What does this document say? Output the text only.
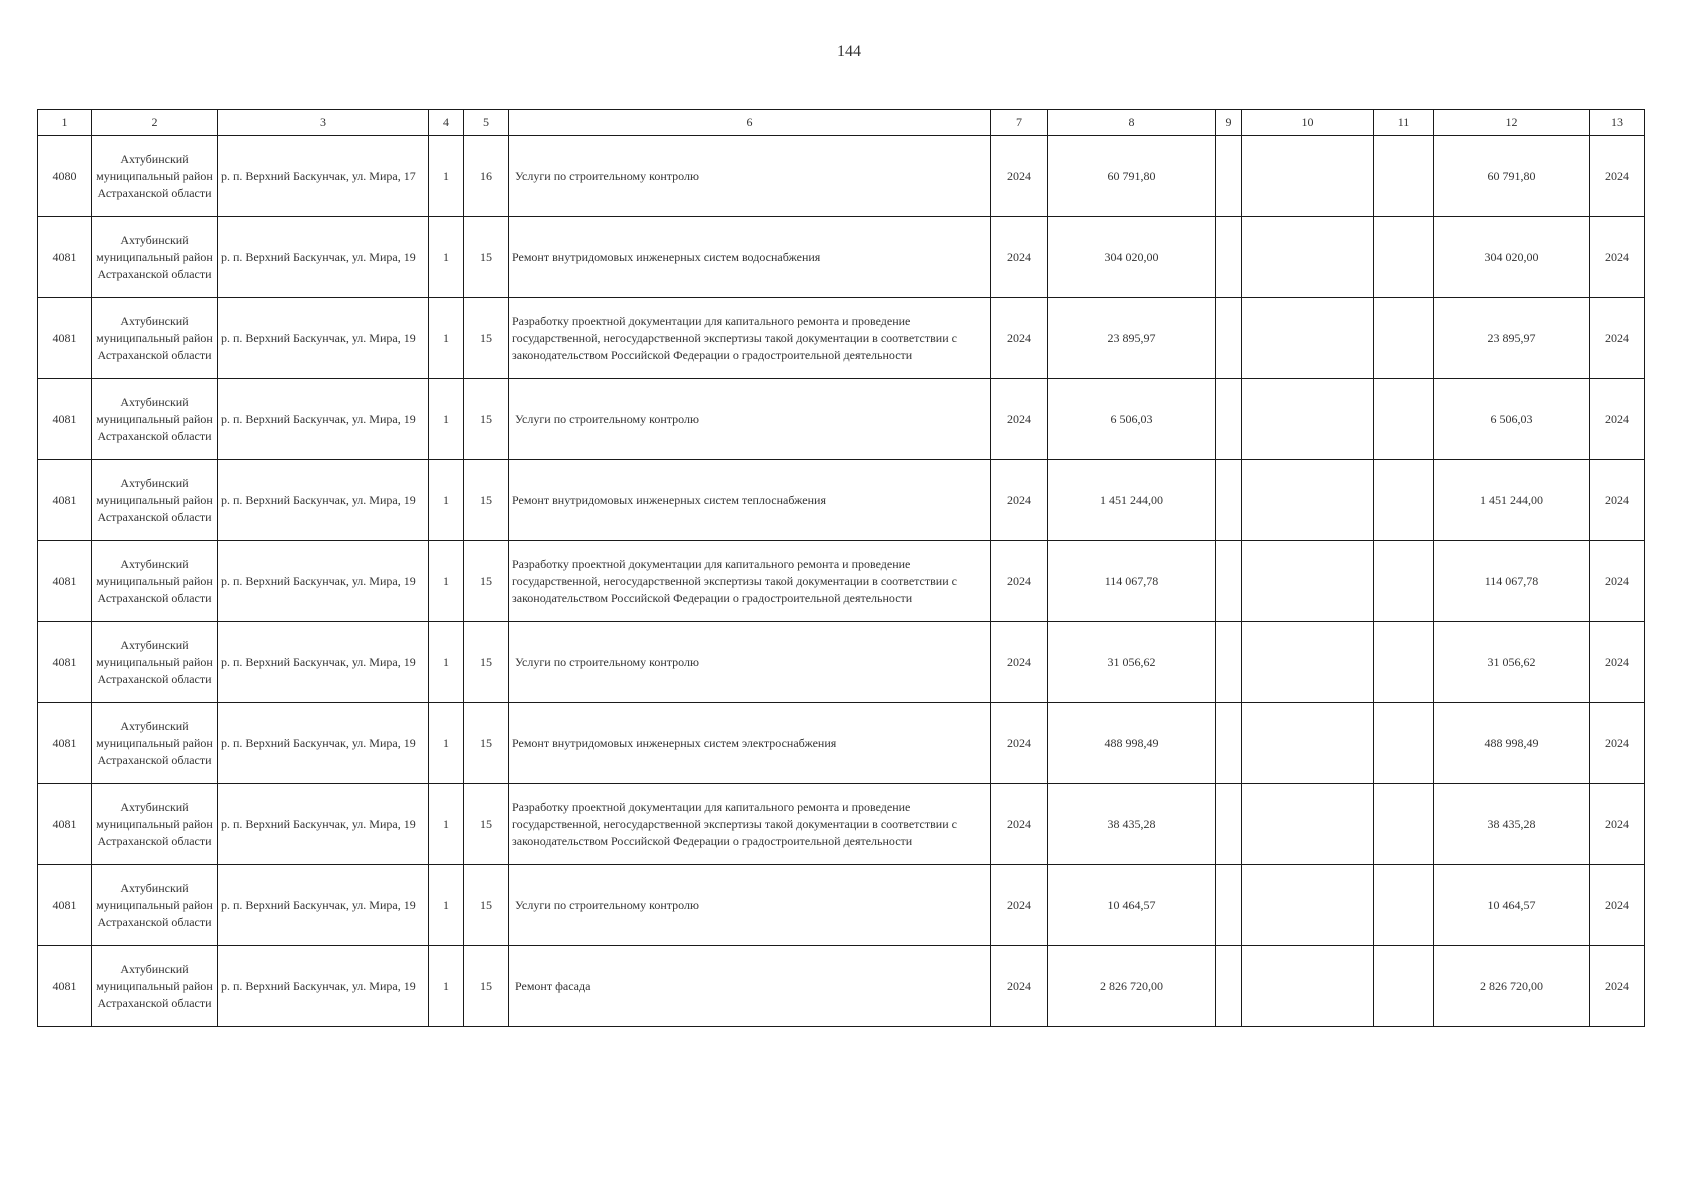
144
1	2	3	4	5	6	7	8	9	10	11	12	13
4080	Ахтубинский муниципальный район Астраханской области	р. п. Верхний Баскунчак, ул. Мира, 17	1	16	Услуги по строительному контролю	2024	60 791,80				60 791,80	2024
4081	Ахтубинский муниципальный район Астраханской области	р. п. Верхний Баскунчак, ул. Мира, 19	1	15	Ремонт внутридомовых инженерных систем водоснабжения	2024	304 020,00				304 020,00	2024
4081	Ахтубинский муниципальный район Астраханской области	р. п. Верхний Баскунчак, ул. Мира, 19	1	15	Разработку проектной документации для капитального ремонта и проведение государственной, негосударственной экспертизы такой документации в соответствии с законодательством Российской Федерации о градостроительной деятельности	2024	23 895,97				23 895,97	2024
4081	Ахтубинский муниципальный район Астраханской области	р. п. Верхний Баскунчак, ул. Мира, 19	1	15	Услуги по строительному контролю	2024	6 506,03				6 506,03	2024
4081	Ахтубинский муниципальный район Астраханской области	р. п. Верхний Баскунчак, ул. Мира, 19	1	15	Ремонт внутридомовых инженерных систем теплоснабжения	2024	1 451 244,00				1 451 244,00	2024
4081	Ахтубинский муниципальный район Астраханской области	р. п. Верхний Баскунчак, ул. Мира, 19	1	15	Разработку проектной документации для капитального ремонта и проведение государственной, негосударственной экспертизы такой документации в соответствии с законодательством Российской Федерации о градостроительной деятельности	2024	114 067,78				114 067,78	2024
4081	Ахтубинский муниципальный район Астраханской области	р. п. Верхний Баскунчак, ул. Мира, 19	1	15	Услуги по строительному контролю	2024	31 056,62				31 056,62	2024
4081	Ахтубинский муниципальный район Астраханской области	р. п. Верхний Баскунчак, ул. Мира, 19	1	15	Ремонт внутридомовых инженерных систем электроснабжения	2024	488 998,49				488 998,49	2024
4081	Ахтубинский муниципальный район Астраханской области	р. п. Верхний Баскунчак, ул. Мира, 19	1	15	Разработку проектной документации для капитального ремонта и проведение государственной, негосударственной экспертизы такой документации в соответствии с законодательством Российской Федерации о градостроительной деятельности	2024	38 435,28				38 435,28	2024
4081	Ахтубинский муниципальный район Астраханской области	р. п. Верхний Баскунчак, ул. Мира, 19	1	15	Услуги по строительному контролю	2024	10 464,57				10 464,57	2024
4081	Ахтубинский муниципальный район Астраханской области	р. п. Верхний Баскунчак, ул. Мира, 19	1	15	Ремонт фасада	2024	2 826 720,00				2 826 720,00	2024
